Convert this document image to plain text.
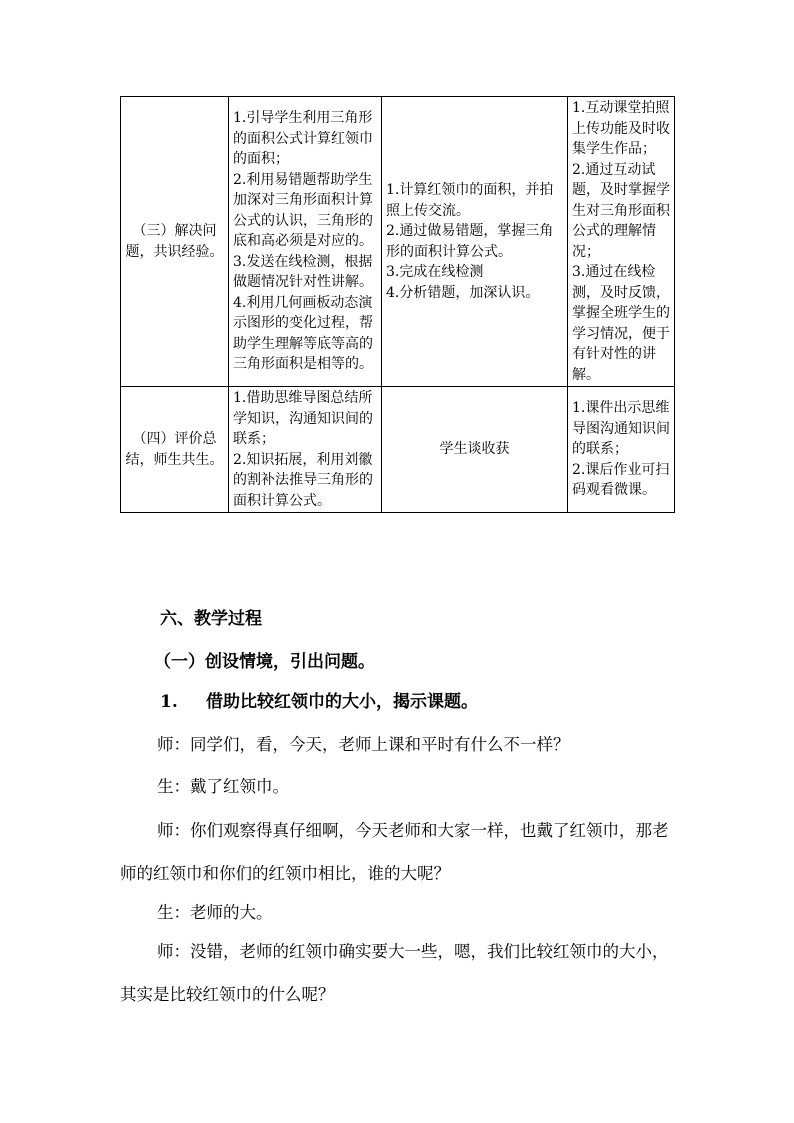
（三）解决问题，共识经验。	1.引导学生利用三角形的面积公式计算红领巾的面积；
2.利用易错题帮助学生加深对三角形面积计算公式的认识，三角形的底和高必须是对应的。
3.发送在线检测，根据做题情况针对性讲解。
4.利用几何画板动态演示图形的变化过程，帮助学生理解等底等高的三角形面积是相等的。	1.计算红领巾的面积，并拍照上传交流。
2.通过做易错题，掌握三角形的面积计算公式。
3.完成在线检测
4.分析错题，加深认识。	1.互动课堂拍照上传功能及时收集学生作品；
2.通过互动试题，及时掌握学生对三角形面积公式的理解情况；
3.通过在线检测，及时反馈，掌握全班学生的学习情况，便于有针对性的讲解。

（四）评价总结，师生共生。	1.借助思维导图总结所学知识，沟通知识间的联系；
2.知识拓展，利用刘徽的割补法推导三角形的面积计算公式。	学生谈收获	1.课件出示思维导图沟通知识间的联系；
2.课后作业可扫码观看微课。
六、教学过程
（一）创设情境，引出问题。
1. 借助比较红领巾的大小，揭示课题。
师：同学们，看，今天，老师上课和平时有什么不一样？
生：戴了红领巾。
师：你们观察得真仔细啊，今天老师和大家一样，也戴了红领巾，那老师的红领巾和你们的红领巾相比，谁的大呢？
生：老师的大。
师：没错，老师的红领巾确实要大一些，嗯，我们比较红领巾的大小，其实是比较红领巾的什么呢？
